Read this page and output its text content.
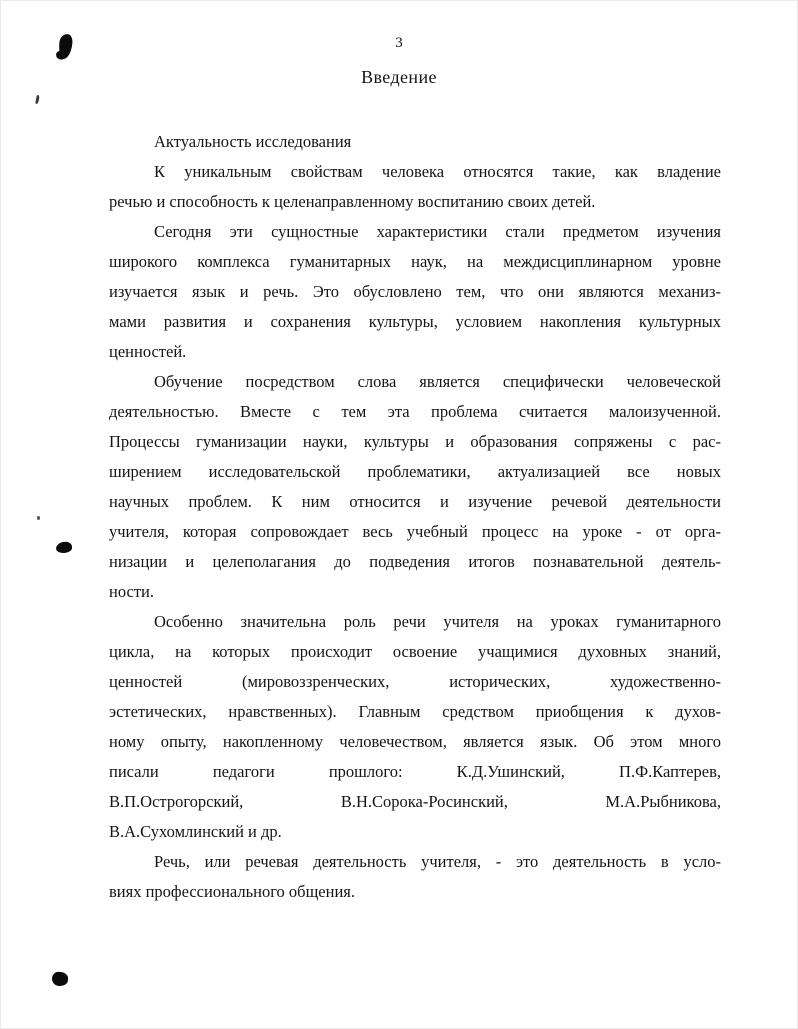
3
Введение
Актуальность исследования
К уникальным свойствам человека относятся такие, как владение
речью и способность к целенаправленному воспитанию своих детей.
Сегодня эти сущностные характеристики стали предметом изучения
широкого комплекса гуманитарных наук, на междисциплинарном уровне
изучается язык и речь. Это обусловлено тем, что они являются механиз-
мами развития и сохранения культуры, условием накопления культурных
ценностей.
Обучение посредством слова является специфически человеческой
деятельностью. Вместе с тем эта проблема считается малоизученной.
Процессы гуманизации науки, культуры и образования сопряжены с рас-
ширением исследовательской проблематики, актуализацией все новых
научных проблем. К ним относится и изучение речевой деятельности
учителя, которая сопровождает весь учебный процесс на уроке - от орга-
низации и целеполагания до подведения итогов познавательной деятель-
ности.
Особенно значительна роль речи учителя на уроках гуманитарного
цикла, на которых происходит освоение учащимися духовных знаний,
ценностей (мировоззренческих, исторических, художественно-
эстетических, нравственных). Главным средством приобщения к духов-
ному опыту, накопленному человечеством, является язык. Об этом много
писали педагоги прошлого: К.Д.Ушинский, П.Ф.Каптерев,
В.П.Острогорский, В.Н.Сорока-Росинский, М.А.Рыбникова,
В.А.Сухомлинский и др.
Речь, или речевая деятельность учителя, - это деятельность в усло-
виях профессионального общения.
